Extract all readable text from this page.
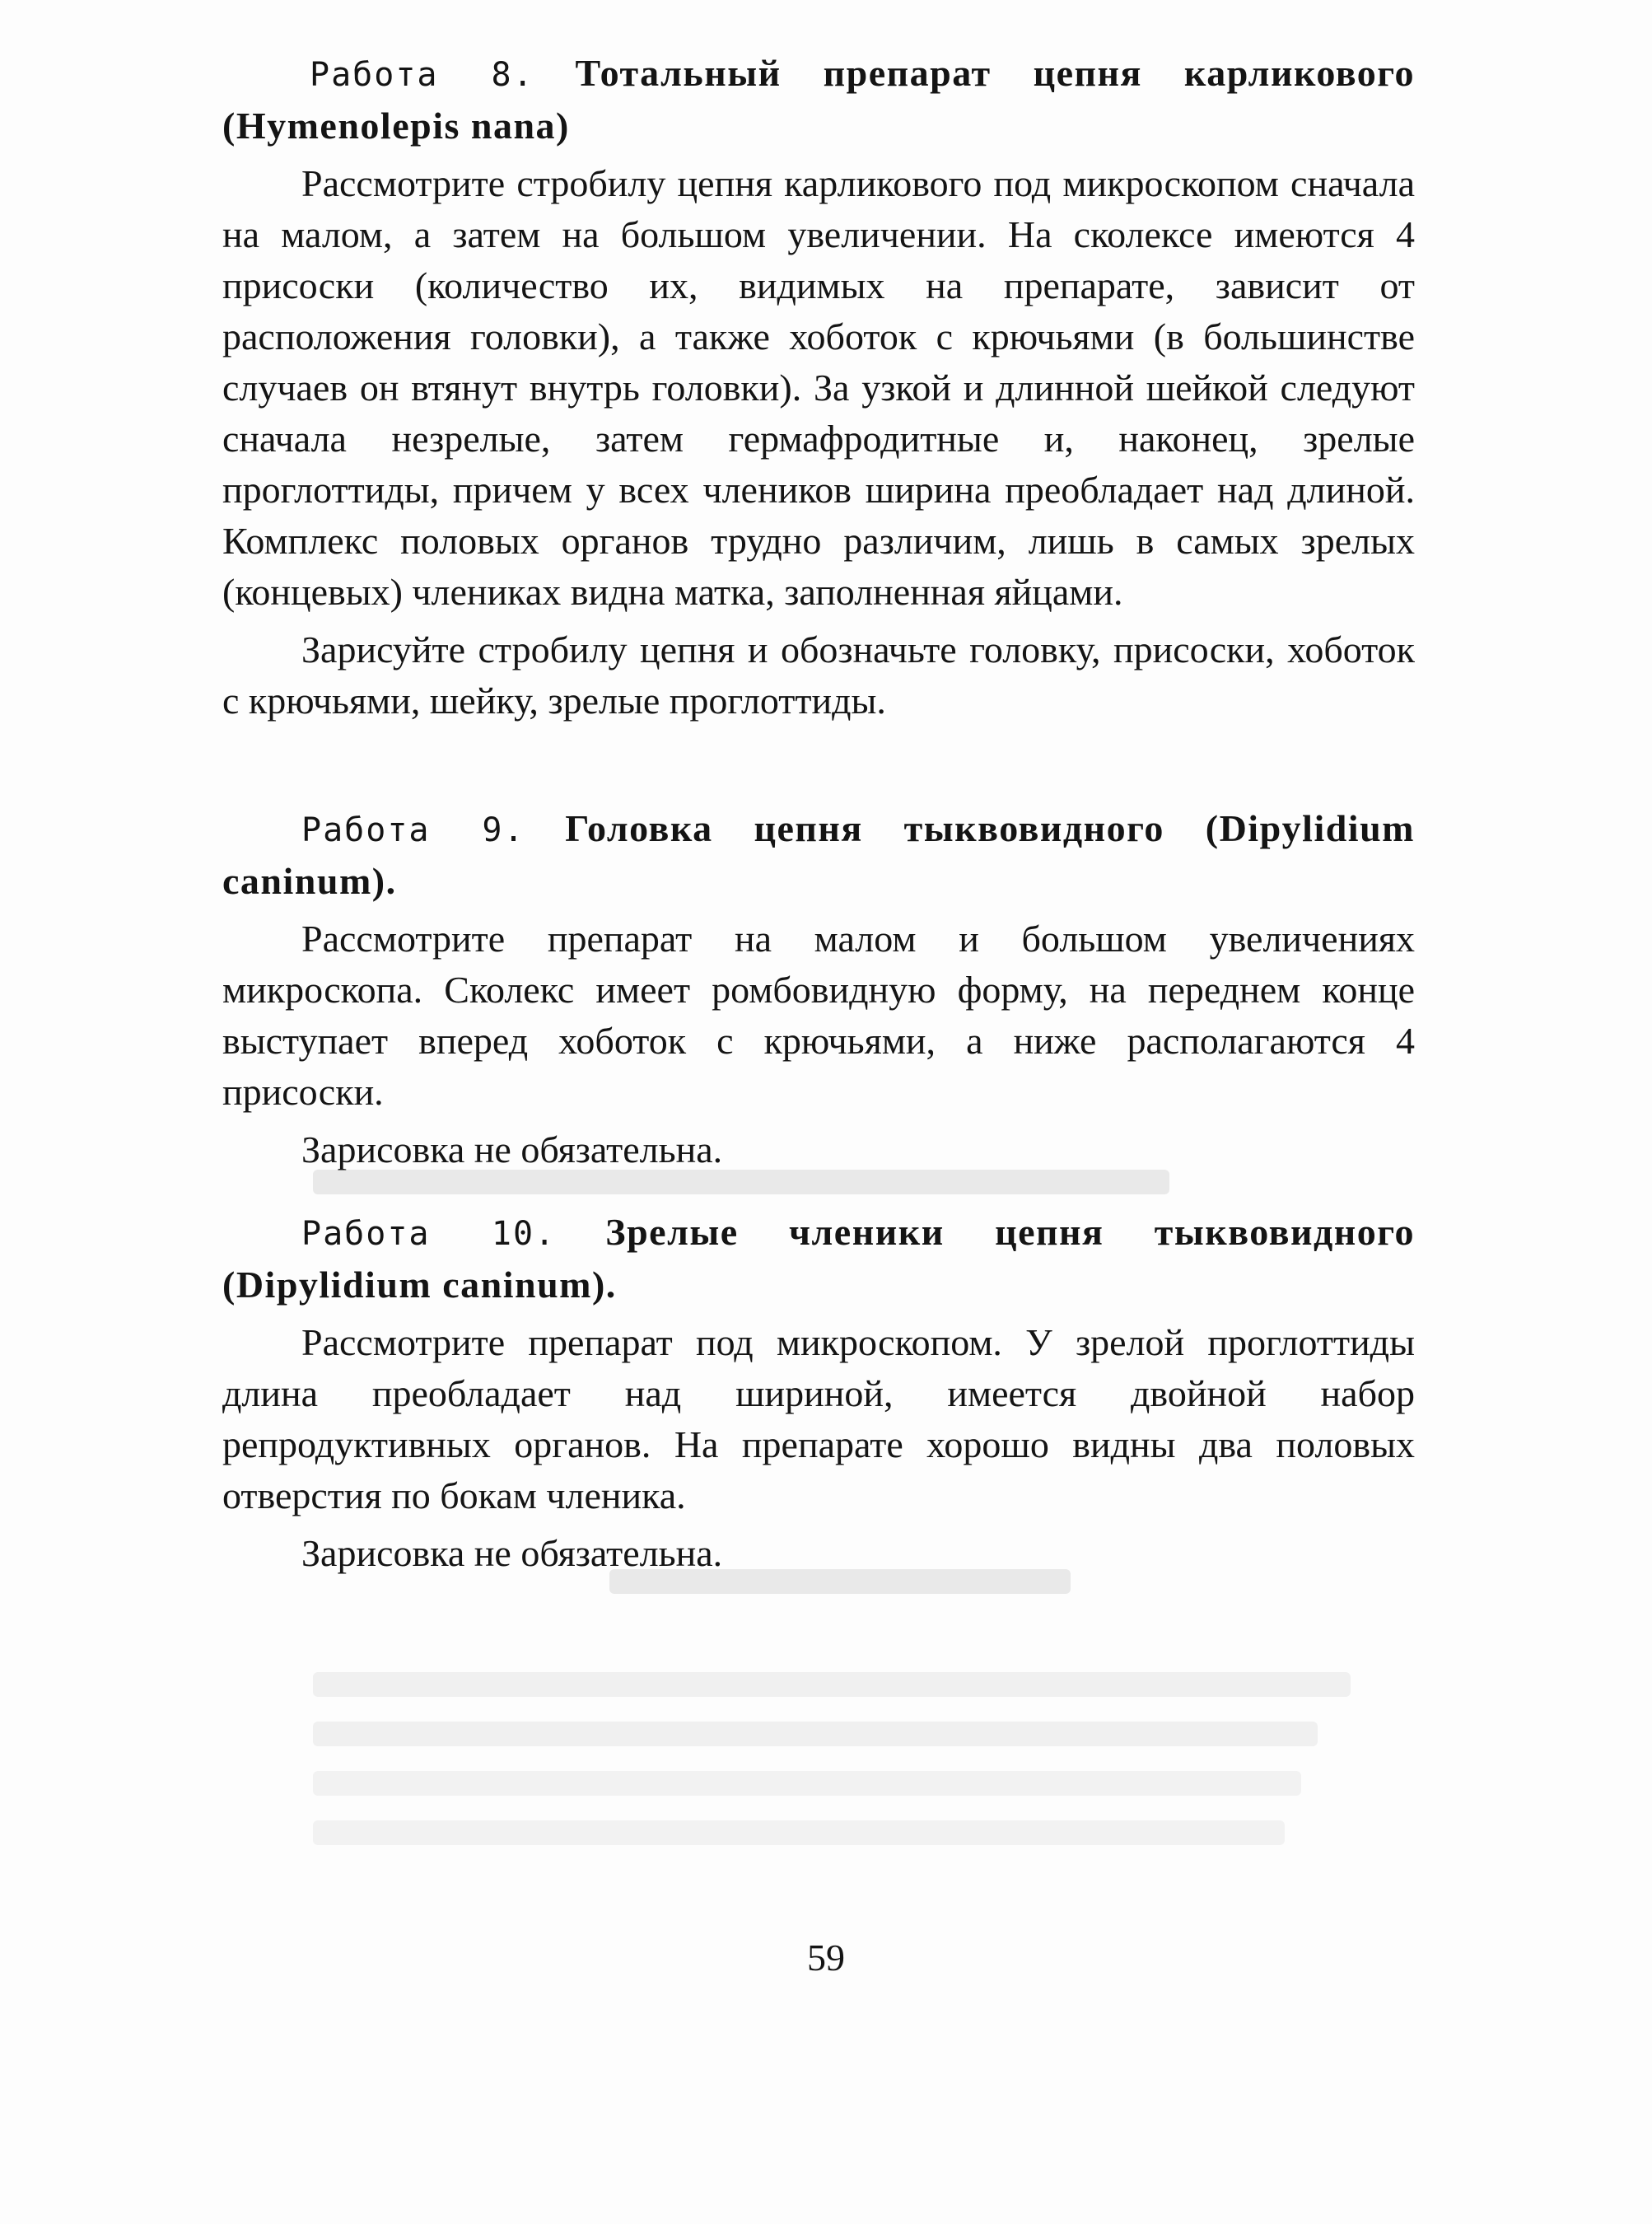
Работа 8. Тотальный препарат цепня карликового (Hymenolepis nana)

Рассмотрите стробилу цепня карликового под микроскопом сначала на малом, а затем на большом увеличении. На сколексе имеются 4 присоски (количество их, видимых на препарате, зависит от расположения головки), а также хоботок с крючьями (в большинстве случаев он втянут внутрь головки). За узкой и длинной шейкой следуют сначала незрелые, затем гермафродитные и, наконец, зрелые проглоттиды, причем у всех члеников ширина преобладает над длиной. Комплекс половых органов трудно различим, лишь в самых зрелых (концевых) члениках видна матка, заполненная яйцами.

Зарисуйте стробилу цепня и обозначьте головку, присоски, хоботок с крючьями, шейку, зрелые проглоттиды.

Работа 9. Головка цепня тыквовидного (Dipylidium caninum).

Рассмотрите препарат на малом и большом увеличениях микроскопа. Сколекс имеет ромбовидную форму, на переднем конце выступает вперед хоботок с крючьями, а ниже располагаются 4 присоски.

Зарисовка не обязательна.

Работа 10. Зрелые членики цепня тыквовидного (Dipylidium caninum).

Рассмотрите препарат под микроскопом. У зрелой проглоттиды длина преобладает над шириной, имеется двойной набор репродуктивных органов. На препарате хорошо видны два половых отверстия по бокам членика.

Зарисовка не обязательна.

59
